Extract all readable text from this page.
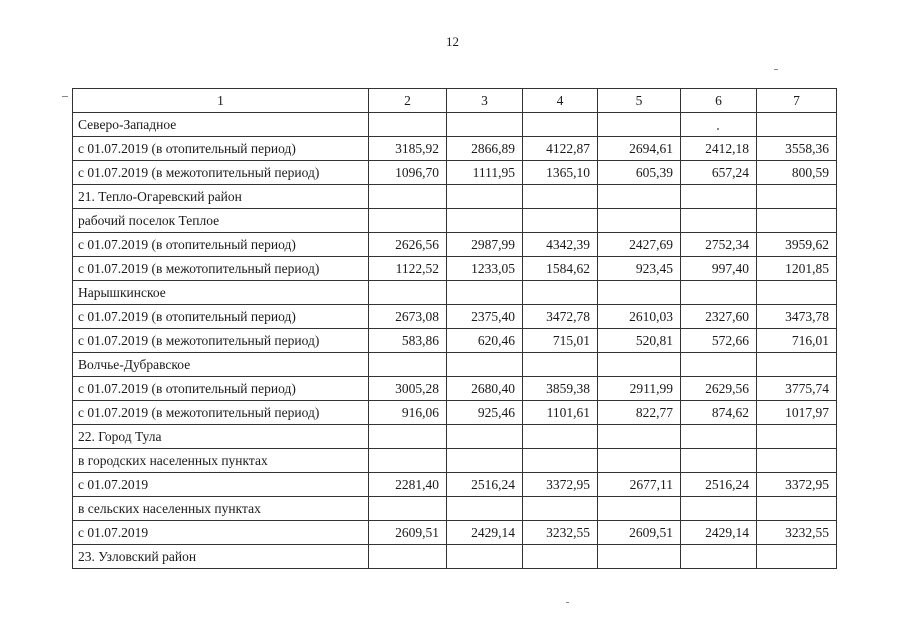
12
1	2	3	4	5	6	7
Северо-Западное						
с 01.07.2019 (в отопительный период)	3185,92	2866,89	4122,87	2694,61	2412,18	3558,36
с 01.07.2019 (в межотопительный период)	1096,70	1111,95	1365,10	605,39	657,24	800,59
21. Тепло-Огаревский район						
рабочий поселок Теплое						
с 01.07.2019 (в отопительный период)	2626,56	2987,99	4342,39	2427,69	2752,34	3959,62
с 01.07.2019 (в межотопительный период)	1122,52	1233,05	1584,62	923,45	997,40	1201,85
Нарышкинское						
с 01.07.2019 (в отопительный период)	2673,08	2375,40	3472,78	2610,03	2327,60	3473,78
с 01.07.2019 (в межотопительный период)	583,86	620,46	715,01	520,81	572,66	716,01
Волчье-Дубравское						
с 01.07.2019 (в отопительный период)	3005,28	2680,40	3859,38	2911,99	2629,56	3775,74
с 01.07.2019 (в межотопительный период)	916,06	925,46	1101,61	822,77	874,62	1017,97
22. Город Тула						
в городских населенных пунктах						
с 01.07.2019	2281,40	2516,24	3372,95	2677,11	2516,24	3372,95
в сельских населенных пунктах						
с 01.07.2019	2609,51	2429,14	3232,55	2609,51	2429,14	3232,55
23. Узловский район						
